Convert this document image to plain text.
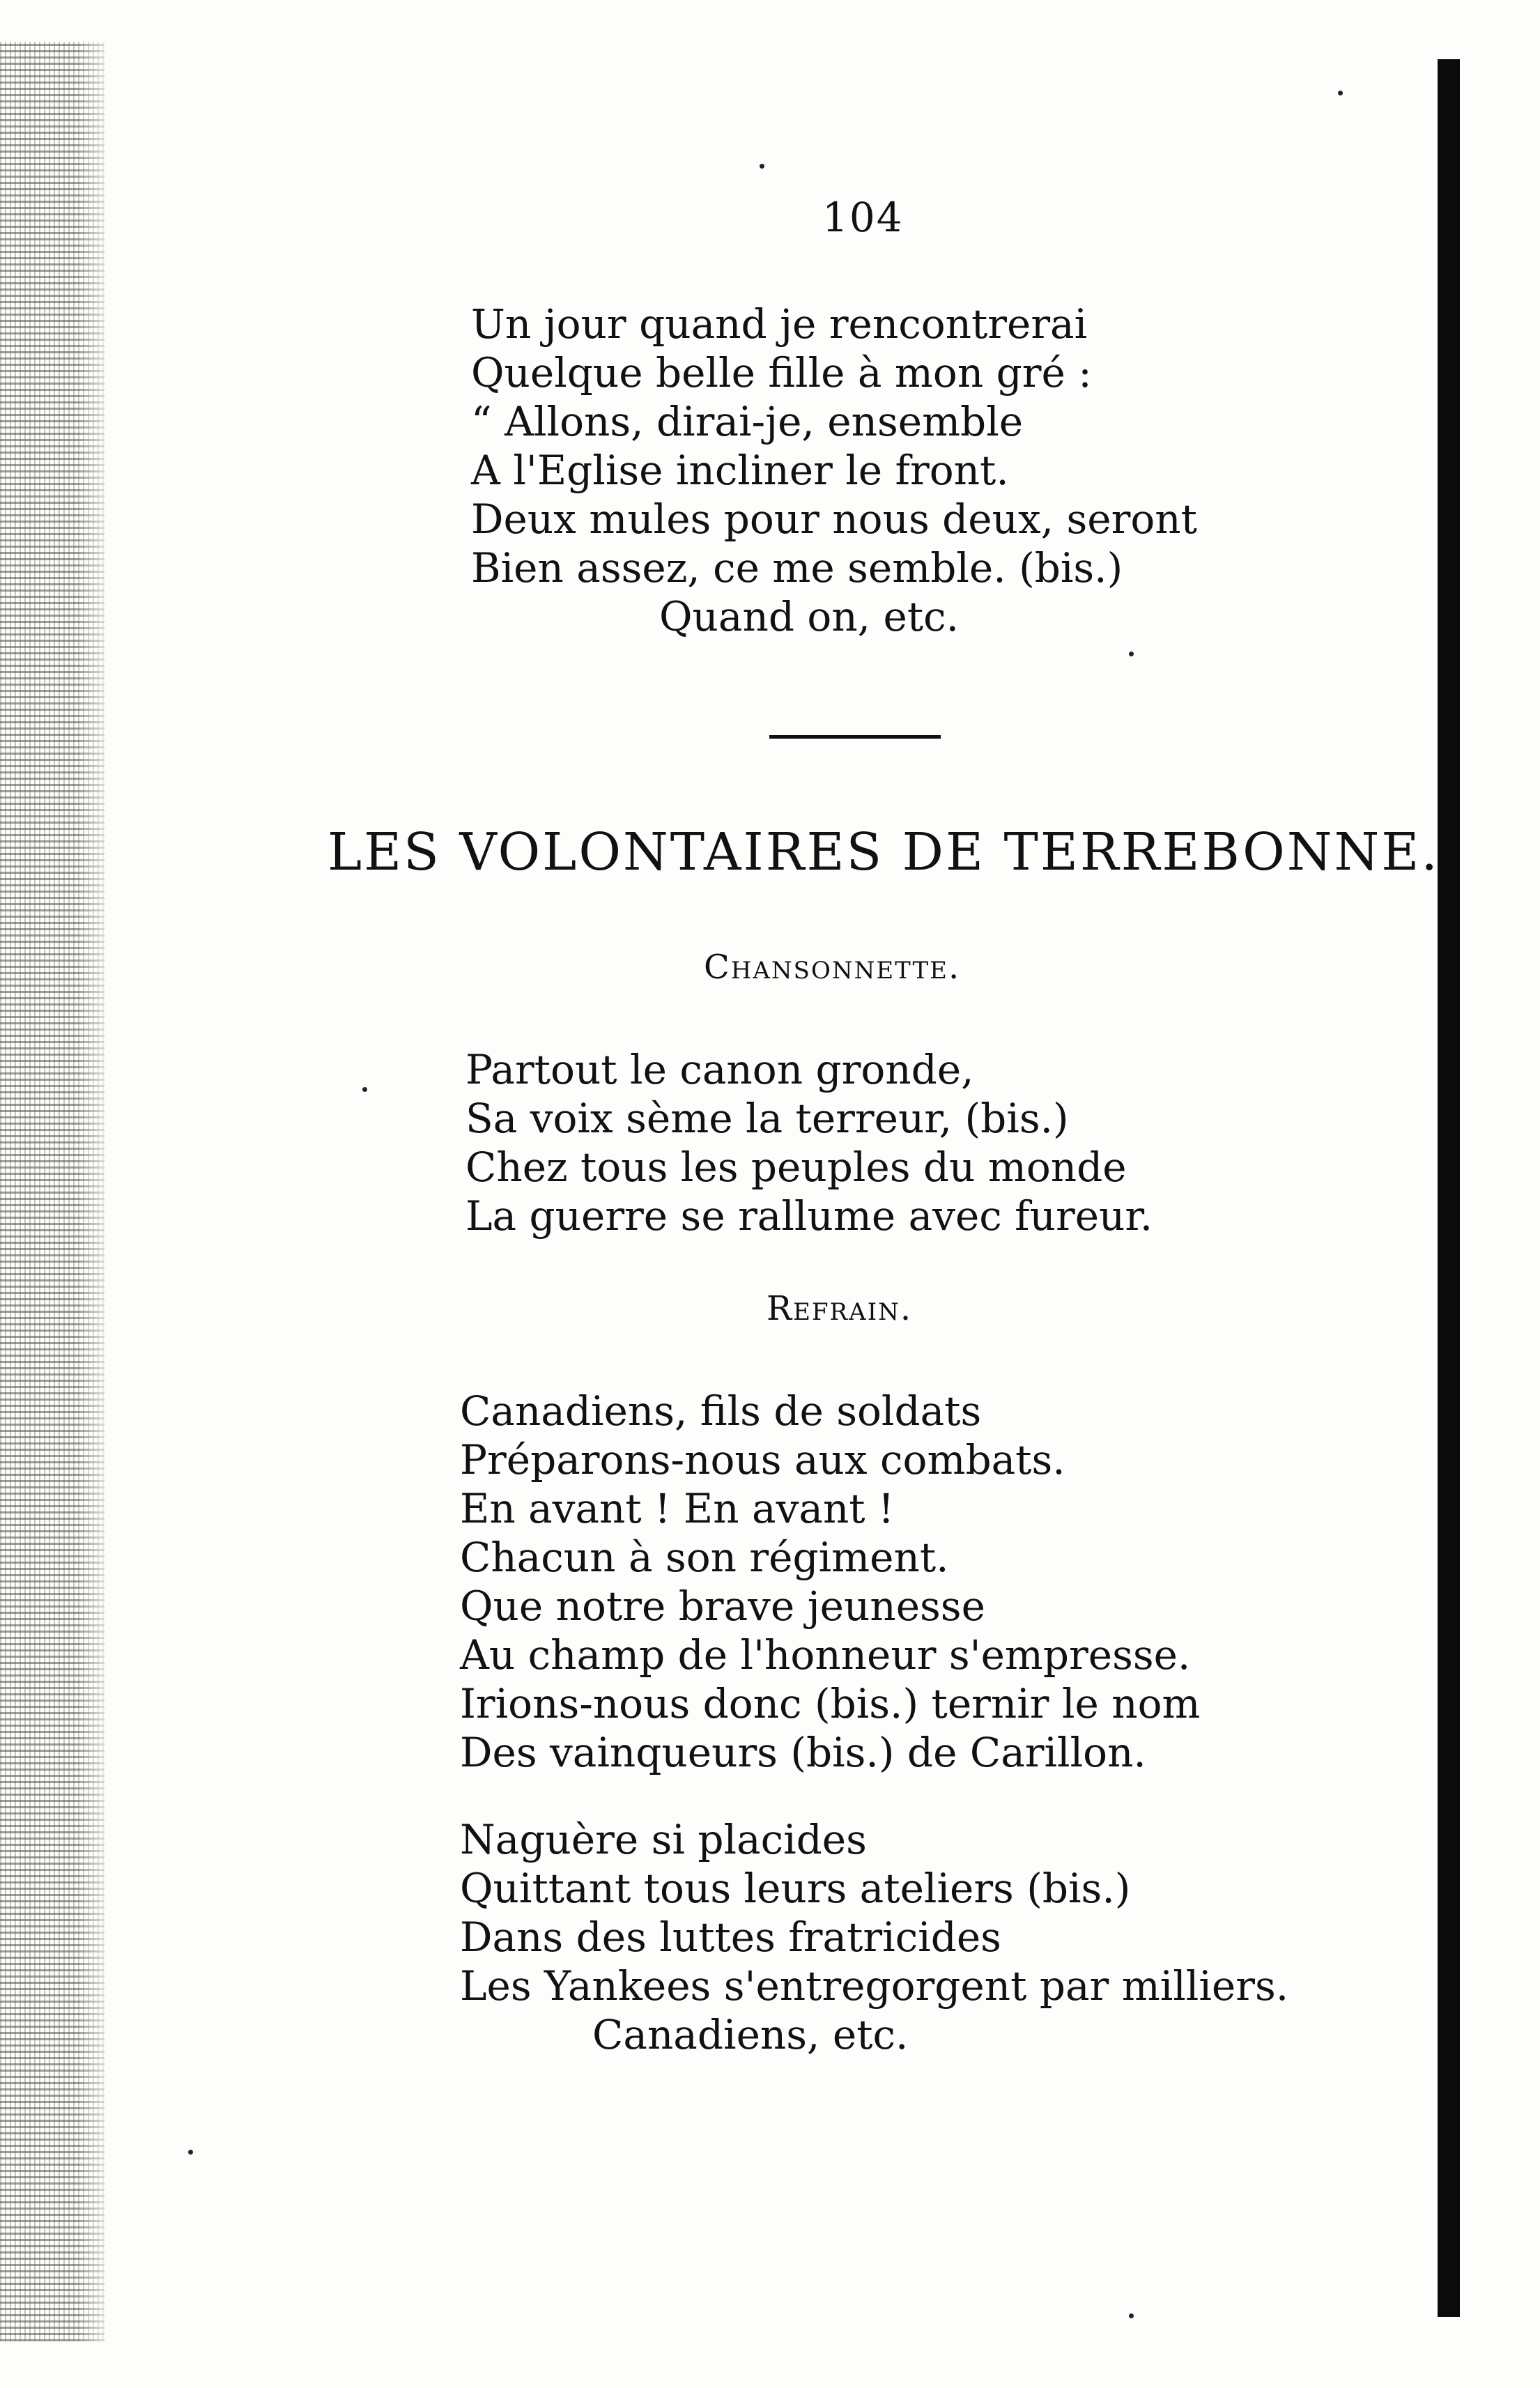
104
Un jour quand je rencontrerai
Quelque belle fille à mon gré :
“ Allons, dirai-je, ensemble
A l'Eglise incliner le front.
Deux mules pour nous deux, seront
Bien assez, ce me semble. (bis.)
Quand on, etc.
LES VOLONTAIRES DE TERREBONNE.
Chansonnette.
Partout le canon gronde,
Sa voix sème la terreur, (bis.)
Chez tous les peuples du monde
La guerre se rallume avec fureur.
Refrain.
Canadiens, fils de soldats
Préparons-nous aux combats.
En avant ! En avant !
Chacun à son régiment.
Que notre brave jeunesse
Au champ de l'honneur s'empresse.
Irions-nous donc (bis.) ternir le nom
Des vainqueurs (bis.) de Carillon.
Naguère si placides
Quittant tous leurs ateliers (bis.)
Dans des luttes fratricides
Les Yankees s'entregorgent par milliers.
Canadiens, etc.
